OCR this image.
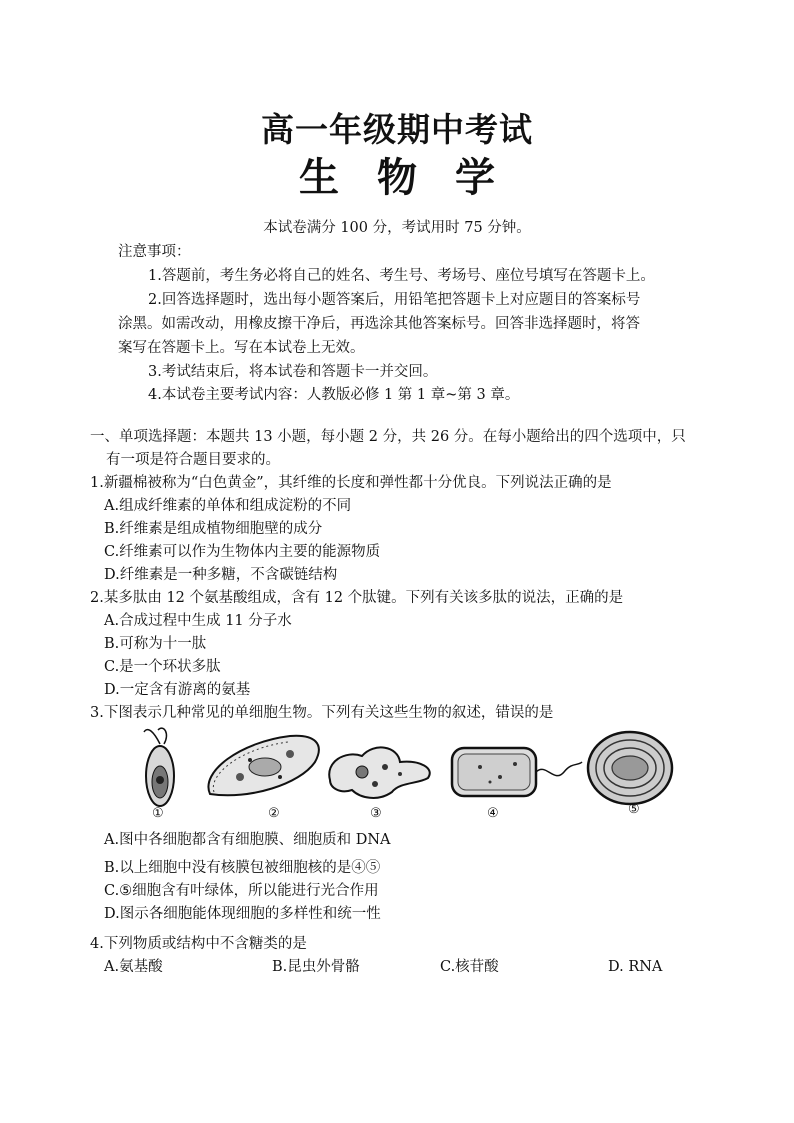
高一年级期中考试
生物学
本试卷满分 100 分，考试用时 75 分钟。
注意事项：
1.答题前，考生务必将自己的姓名、考生号、考场号、座位号填写在答题卡上。
2.回答选择题时，选出每小题答案后，用铅笔把答题卡上对应题目的答案标号
涂黑。如需改动，用橡皮擦干净后，再选涂其他答案标号。回答非选择题时，将答
案写在答题卡上。写在本试卷上无效。
3.考试结束后，将本试卷和答题卡一并交回。
4.本试卷主要考试内容：人教版必修 1 第 1 章~第 3 章。
一、单项选择题：本题共 13 小题，每小题 2 分，共 26 分。在每小题给出的四个选项中，只
有一项是符合题目要求的。
1.新疆棉被称为“白色黄金”，其纤维的长度和弹性都十分优良。下列说法正确的是
A.组成纤维素的单体和组成淀粉的不同
B.纤维素是组成植物细胞壁的成分
C.纤维素可以作为生物体内主要的能源物质
D.纤维素是一种多糖，不含碳链结构
2.某多肽由 12 个氨基酸组成，含有 12 个肽键。下列有关该多肽的说法，正确的是
A.合成过程中生成 11 分子水
B.可称为十一肽
C.是一个环状多肽
D.一定含有游离的氨基
3.下图表示几种常见的单细胞生物。下列有关这些生物的叙述，错误的是
①	②	③	④	⑤
A.图中各细胞都含有细胞膜、细胞质和 DNA
B.以上细胞中没有核膜包被细胞核的是④⑤
C.⑤细胞含有叶绿体，所以能进行光合作用
D.图示各细胞能体现细胞的多样性和统一性
4.下列物质或结构中不含糖类的是
A.氨基酸	B.昆虫外骨骼	C.核苷酸	D. RNA
